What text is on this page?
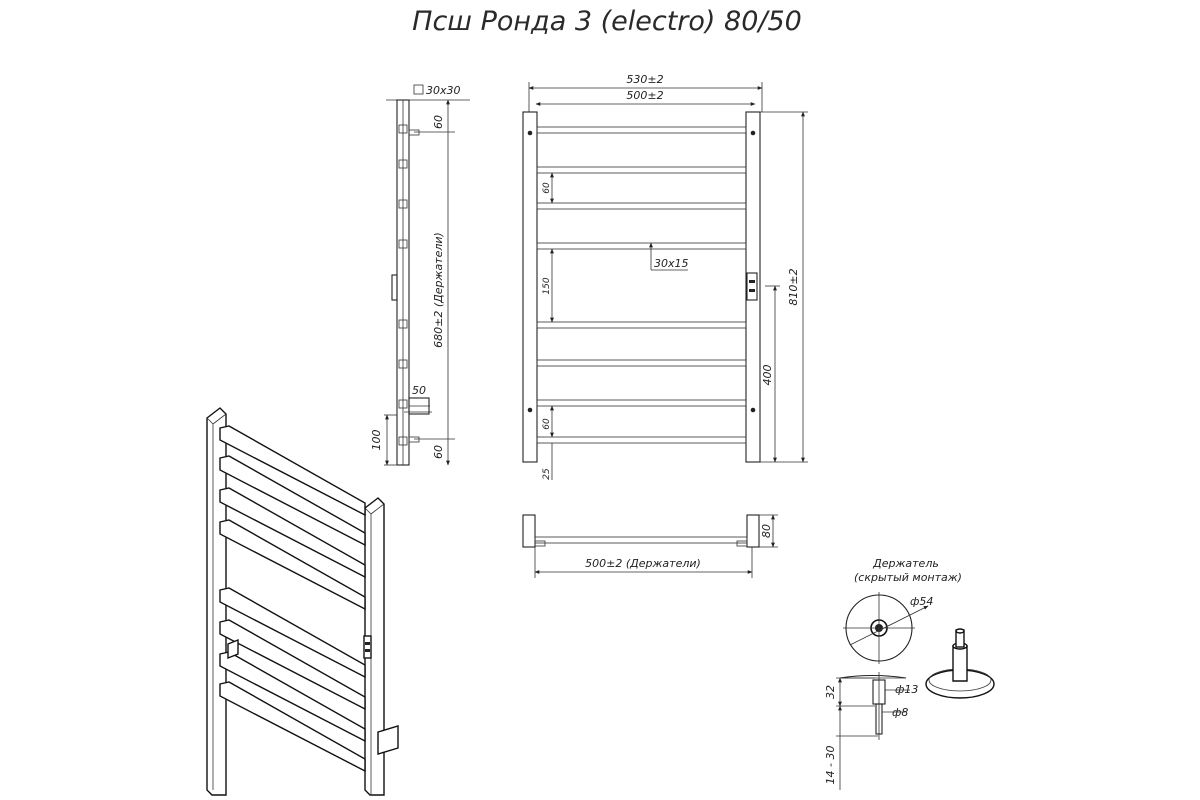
Псш Ронда 3 (electro) 80/50
30x30
60
680±2 (Держатели)
60
50
100
530±2
500±2
60
150
60
25
30x15
810±2
400
80
500±2 (Держатели)	Держатель
(скрытый монтаж)
ф54
ф13
ф8
32
14 - 30
